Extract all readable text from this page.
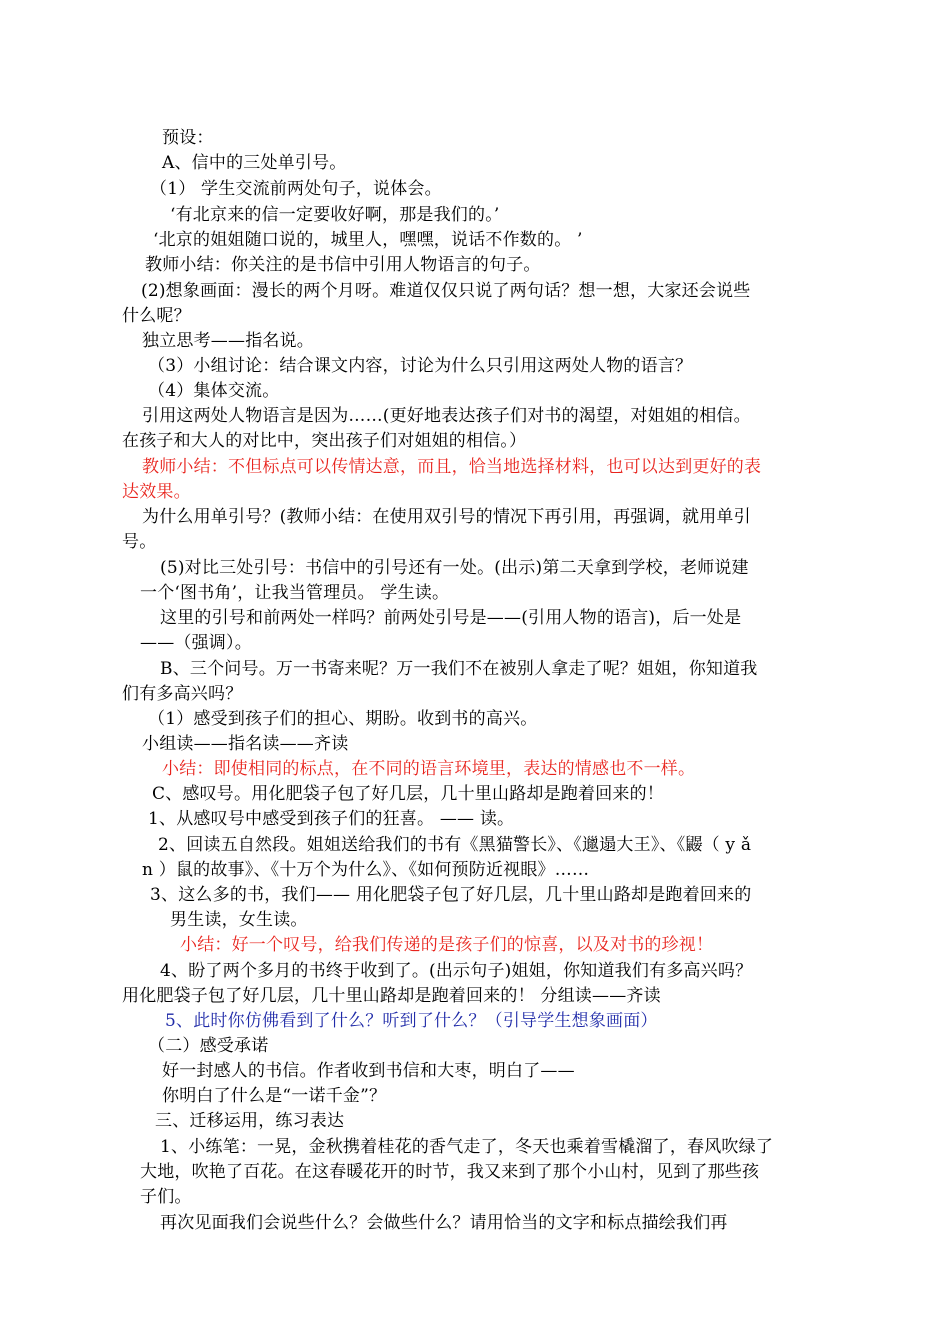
预设：
A、信中的三处单引号。
（1） 学生交流前两处句子，说体会。
‘有北京来的信一定要收好啊，那是我们的。’
‘北京的姐姐随口说的，城里人，嘿嘿，说话不作数的。 ’
教师小结：你关注的是书信中引用人物语言的句子。
(2)想象画面：漫长的两个月呀。难道仅仅只说了两句话？想一想，大家还会说些
什么呢？
独立思考——指名说。
（3）小组讨论：结合课文内容，讨论为什么只引用这两处人物的语言？
（4）集体交流。
引用这两处人物语言是因为……(更好地表达孩子们对书的渴望，对姐姐的相信。
在孩子和大人的对比中，突出孩子们对姐姐的相信。）
教师小结：不但标点可以传情达意，而且，恰当地选择材料，也可以达到更好的表
达效果。
为什么用单引号？(教师小结：在使用双引号的情况下再引用，再强调，就用单引
号。
(5)对比三处引号：书信中的引号还有一处。(出示)第二天拿到学校，老师说建
一个‘图书角’，让我当管理员。 学生读。
这里的引号和前两处一样吗？前两处引号是——(引用人物的语言)，后一处是
——（强调）。
B、三个问号。万一书寄来呢？万一我们不在被别人拿走了呢？姐姐，你知道我
们有多高兴吗？
（1）感受到孩子们的担心、期盼。收到书的高兴。
小组读——指名读——齐读
小结：即使相同的标点，在不同的语言环境里，表达的情感也不一样。
C、感叹号。用化肥袋子包了好几层，几十里山路却是跑着回来的！
1、从感叹号中感受到孩子们的狂喜。 —— 读。
2、回读五自然段。姐姐送给我们的书有《黑猫警长》、《邋遢大王》、《鼹（ y ǎ
n ）鼠的故事》、《十万个为什么》、《如何预防近视眼》……
3、这么多的书，我们—— 用化肥袋子包了好几层，几十里山路却是跑着回来的
男生读，女生读。
小结：好一个叹号，给我们传递的是孩子们的惊喜，以及对书的珍视！
4、盼了两个多月的书终于收到了。(出示句子)姐姐，你知道我们有多高兴吗？
用化肥袋子包了好几层，几十里山路却是跑着回来的！ 分组读——齐读
5、此时你仿佛看到了什么？听到了什么？（引导学生想象画面）
（二）感受承诺
好一封感人的书信。作者收到书信和大枣，明白了——
你明白了什么是“一诺千金”？
三、迁移运用，练习表达
1、小练笔：一晃，金秋携着桂花的香气走了，冬天也乘着雪橇溜了，春风吹绿了
大地，吹艳了百花。在这春暖花开的时节，我又来到了那个小山村，见到了那些孩
子们。
再次见面我们会说些什么？会做些什么？请用恰当的文字和标点描绘我们再
